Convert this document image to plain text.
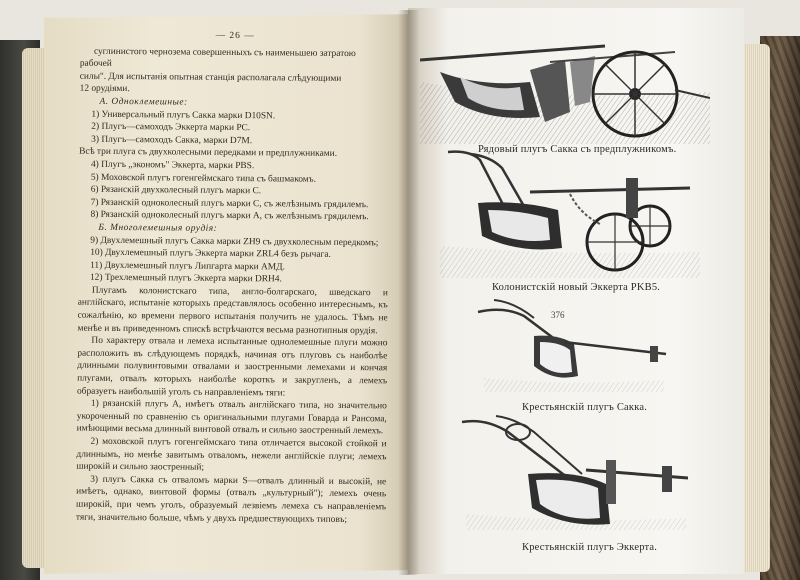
— 26 —

суглинистого чернозема совершенныхъ съ наименьшею затратою рабочей

силы". Для испытанія опытная станція располагала слѣдующими

12 орудіями.

A. Одноклемешные:

1) Универсальный плугъ Сакка марки D10SN.

2) Плугъ—самоходъ Эккерта марки PC.

3) Плугъ—самоходъ Сакка, марки D7M.

Всѣ три плуга съ двухколесными передками и предплужниками.

4) Плугъ „экономъ" Эккерта, марки PBS.

5) Моховской плугъ гогенгеймскаго типа съ башмакомъ.

6) Рязанскій двухколесный плугъ марки C.

7) Рязанскій одноколесный плугъ марки C, съ желѣзнымъ грядилемъ.

8) Рязанскій одноколесный плугъ марки A, съ желѣзнымъ грядилемъ.

Б. Многолемешныя орудія:

9) Двухлемешный плугъ Сакка марки ZH9 съ двухколесным передкомъ;

10) Двухлемешный плугъ Эккерта марки ZRL4 безъ рычага.

11) Двухлемешный плугъ Липгарта марки AMД.

12) Трехлемешный плугъ Эккерта марки DRH4.

Плугамъ колонистскаго типа, англо-болгарскаго, шведскаго и англійскаго, испытаніе которыхъ представлялось особенно интереснымъ, къ сожалѣнію, ко времени первого испытанія получить не удалось. Тѣмъ не менѣе и въ приведенномъ спискѣ встрѣчаются весьма разнотипныя орудія.

По характеру отвала и лемеха испытанные однолемешные плуги можно расположить въ слѣдующемъ порядкѣ, начиная отъ плуговъ съ наиболѣе длинными полувинтовыми отвалами и заостренными лемехами и кончая плугами, отвалъ которыхъ наиболѣе короткъ и закругленъ, а лемехъ образуетъ наибольшій уголъ съ направленіемъ тяги:

1) рязанскій плугъ A, имѣетъ отвалъ англійскаго типа, но значительно укороченный по сравненію съ оригинальными плугами Говарда и Рансома, имѣющими весьма длинный винтовой отвалъ и сильно заостренный лемехъ.

2) моховской плугъ гогенгеймскаго типа отличается высокой стойкой и длиннымъ, но менѣе завитымъ отваломъ, нежели англійскіе плуги; лемехъ широкій и сильно заостренный;

3) плугъ Сакка съ отваломъ марки S—отвалъ длинный и высокій, не имѣетъ, однако, винтовой формы (отвалъ „культурный"); лемехъ очень широкій, при чемъ уголъ, образуемый лезвіемъ лемеха съ направленіемъ тяги, значительно больше, чѣмъ у двухъ предшествующихъ типовъ;

Рядовый плугъ Сакка съ предплужникомъ.
Колонистскій новый Эккерта PKB5.
376
Крестьянскій плугъ Сакка.
Крестьянскій плугъ Эккерта.
